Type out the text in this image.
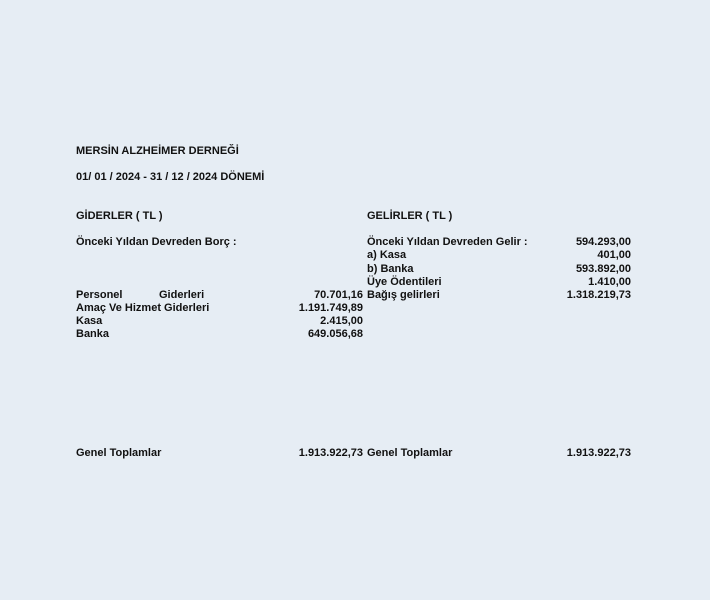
MERSİN ALZHEİMER DERNEĞİ
01/ 01 / 2024 - 31 / 12 / 2024 DÖNEMİ
GİDERLER ( TL )
Önceki Yıldan Devreden Borç :
Personel	Giderleri	70.701,16
Amaç Ve Hizmet Giderleri	1.191.749,89
Kasa	2.415,00
Banka	649.056,68
Genel Toplamlar	1.913.922,73
GELİRLER ( TL )
Önceki Yıldan Devreden Gelir :	594.293,00
a) Kasa	401,00
b) Banka	593.892,00
Üye Ödentileri	1.410,00
Bağış gelirleri	1.318.219,73
Genel Toplamlar	1.913.922,73
